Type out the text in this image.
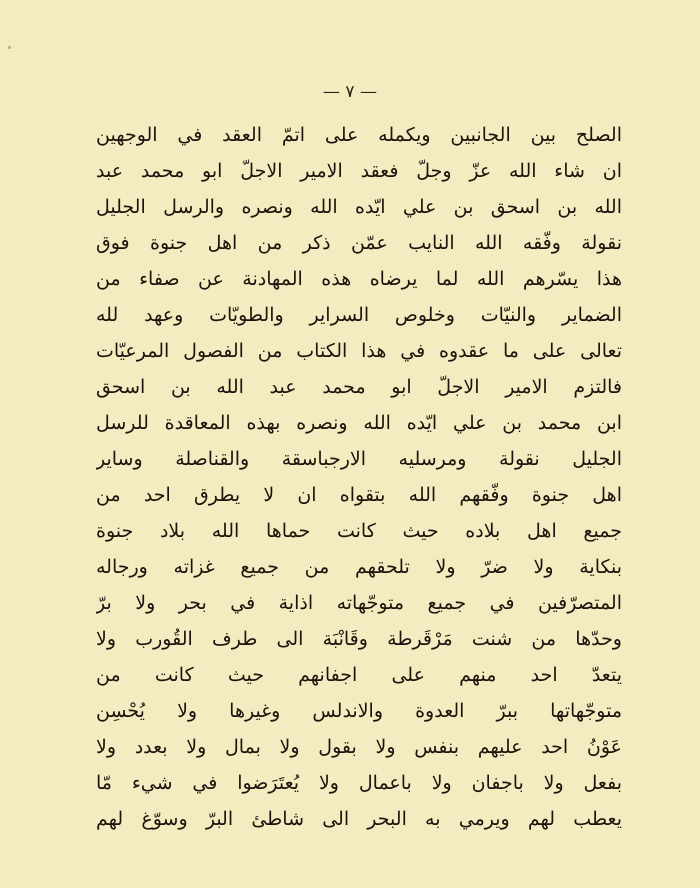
— ٧ —
الصلح بين الجانبين ويكمله على اتمّ العقد في الوجهين
ان شاء الله عزّ وجلّ فعقد الامير الاجلّ ابو محمد عبد
الله بن اسحق بن علي ايّده الله ونصره والرسل الجليل
نقولة وفّقه الله النايب عمّن ذكر من اهل جنوة فوق
هذا يسّرهم الله لما يرضاه هذه المهادنة عن صفاء من
الضماير والنيّات وخلوص السراير والطويّات وعهد لله
تعالى على ما عقدوه في هذا الكتاب من الفصول المرعيّات
فالتزم الامير الاجلّ ابو محمد عبد الله بن اسحق
ابن محمد بن علي ايّده الله ونصره بهذه المعاقدة للرسل
الجليل نقولة ومرسليه الارجباسقة والقناصلة وساير
اهل جنوة وفّقهم الله بتقواه ان لا يطرق احد من
جميع اهل بلاده حيث كانت حماها الله بلاد جنوة
بنكاية ولا ضرّ ولا تلحقهم من جميع غزاته ورجاله
المتصرّفين في جميع متوجّهاته اذاية في بحر ولا برّ
وحدّها من شنت مَرْقَرطة وقَانْبَة الى طرف القُورب ولا
يتعدّ احد منهم على اجفانهم حيث كانت من
متوجّهاتها ببرّ العدوة والاندلس وغيرها ولا يُحْسِن
عَوْنُ احد عليهم بنفس ولا بقول ولا بمال ولا بعدد ولا
بفعل ولا باجفان ولا باعمال ولا يُعتَرَضوا في شيء مّا
يعطب لهم ويرمي به البحر الى شاطئ البرّ وسوّغ لهم
